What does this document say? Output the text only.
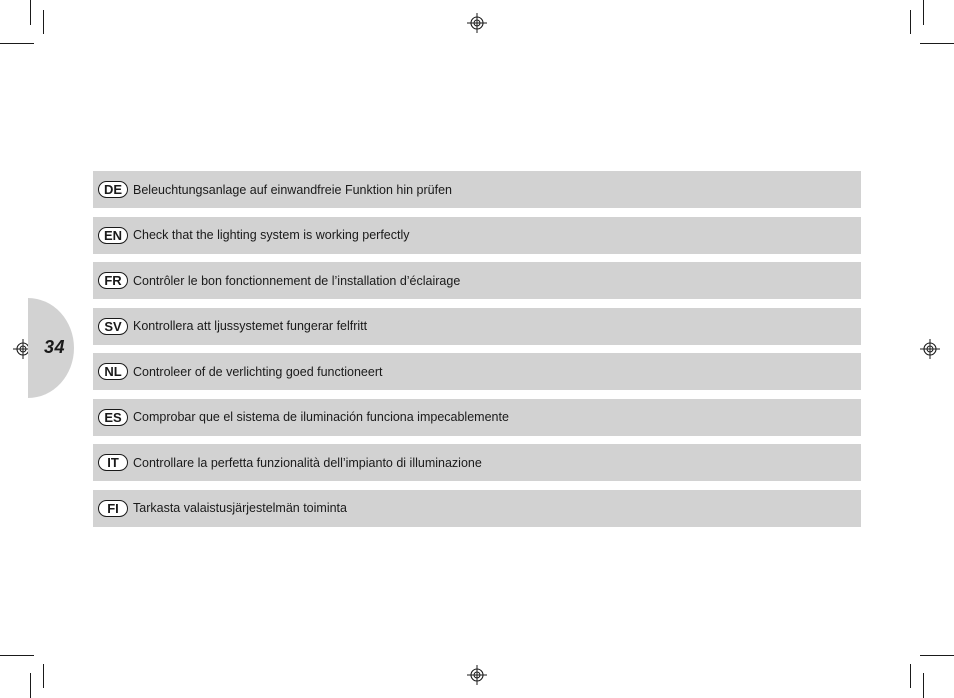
34
DE Beleuchtungsanlage auf einwandfreie Funktion hin prüfen
EN Check that the lighting system is working perfectly
FR Contrôler le bon fonctionnement de l’installation d’éclairage
SV Kontrollera att ljussystemet fungerar felfritt
NL Controleer of de verlichting goed functioneert
ES Comprobar que el sistema de iluminación funciona impecablemente
IT	Controllare la perfetta funzionalità dell’impianto di illuminazione
FI	Tarkasta valaistusjärjestelmän toiminta
